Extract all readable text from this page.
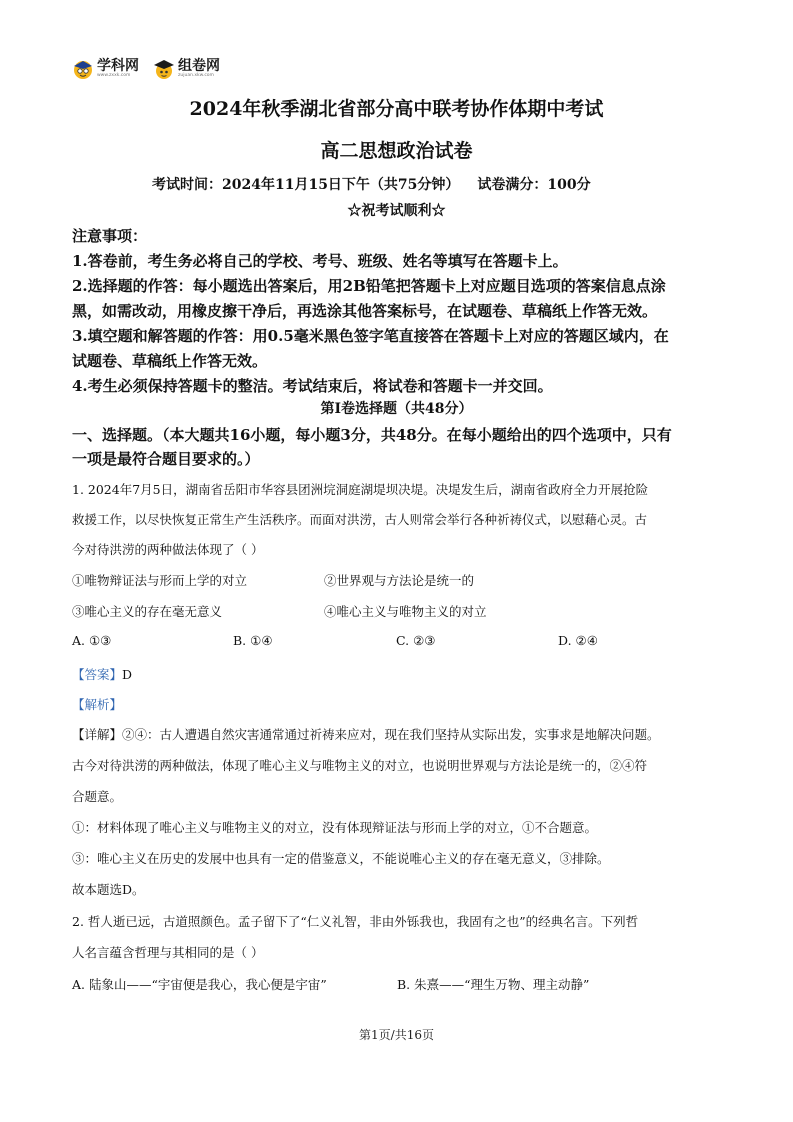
学科网
www.zxxk.com
组卷网
zujuan.xkw.com
2024年秋季湖北省部分高中联考协作体期中考试
高二思想政治试卷
考试时间：2024年11月15日下午（共75分钟） 试卷满分：100分
☆祝考试顺利☆
注意事项：
1.答卷前，考生务必将自己的学校、考号、班级、姓名等填写在答题卡上。
2.选择题的作答：每小题选出答案后，用2B铅笔把答题卡上对应题目选项的答案信息点涂
黑，如需改动，用橡皮擦干净后，再选涂其他答案标号，在试题卷、草稿纸上作答无效。
3.填空题和解答题的作答：用0.5毫米黑色签字笔直接答在答题卡上对应的答题区域内，在
试题卷、草稿纸上作答无效。
4.考生必须保持答题卡的整洁。考试结束后，将试卷和答题卡一并交回。
第Ⅰ卷选择题（共48分）
一、选择题。（本大题共16小题，每小题3分，共48分。在每小题给出的四个选项中，只有
一项是最符合题目要求的。）
1. 2024年7月5日，湖南省岳阳市华容县团洲垸洞庭湖堤坝决堤。决堤发生后，湖南省政府全力开展抢险
救援工作，以尽快恢复正常生产生活秩序。而面对洪涝，古人则常会举行各种祈祷仪式，以慰藉心灵。古
今对待洪涝的两种做法体现了（ ）
①唯物辩证法与形而上学的对立	②世界观与方法论是统一的
③唯心主义的存在毫无意义	④唯心主义与唯物主义的对立
A. ①③	B. ①④	C. ②③	D. ②④
【答案】D
【解析】
【详解】②④：古人遭遇自然灾害通常通过祈祷来应对，现在我们坚持从实际出发，实事求是地解决问题。
古今对待洪涝的两种做法，体现了唯心主义与唯物主义的对立，也说明世界观与方法论是统一的，②④符
合题意。
①：材料体现了唯心主义与唯物主义的对立，没有体现辩证法与形而上学的对立，①不合题意。
③：唯心主义在历史的发展中也具有一定的借鉴意义，不能说唯心主义的存在毫无意义，③排除。
故本题选D。
2. 哲人逝已远，古道照颜色。孟子留下了“仁义礼智，非由外铄我也，我固有之也”的经典名言。下列哲
人名言蕴含哲理与其相同的是（ ）
A. 陆象山——“宇宙便是我心，我心便是宇宙”	B. 朱熹——“理生万物、理主动静”
第1页/共16页
